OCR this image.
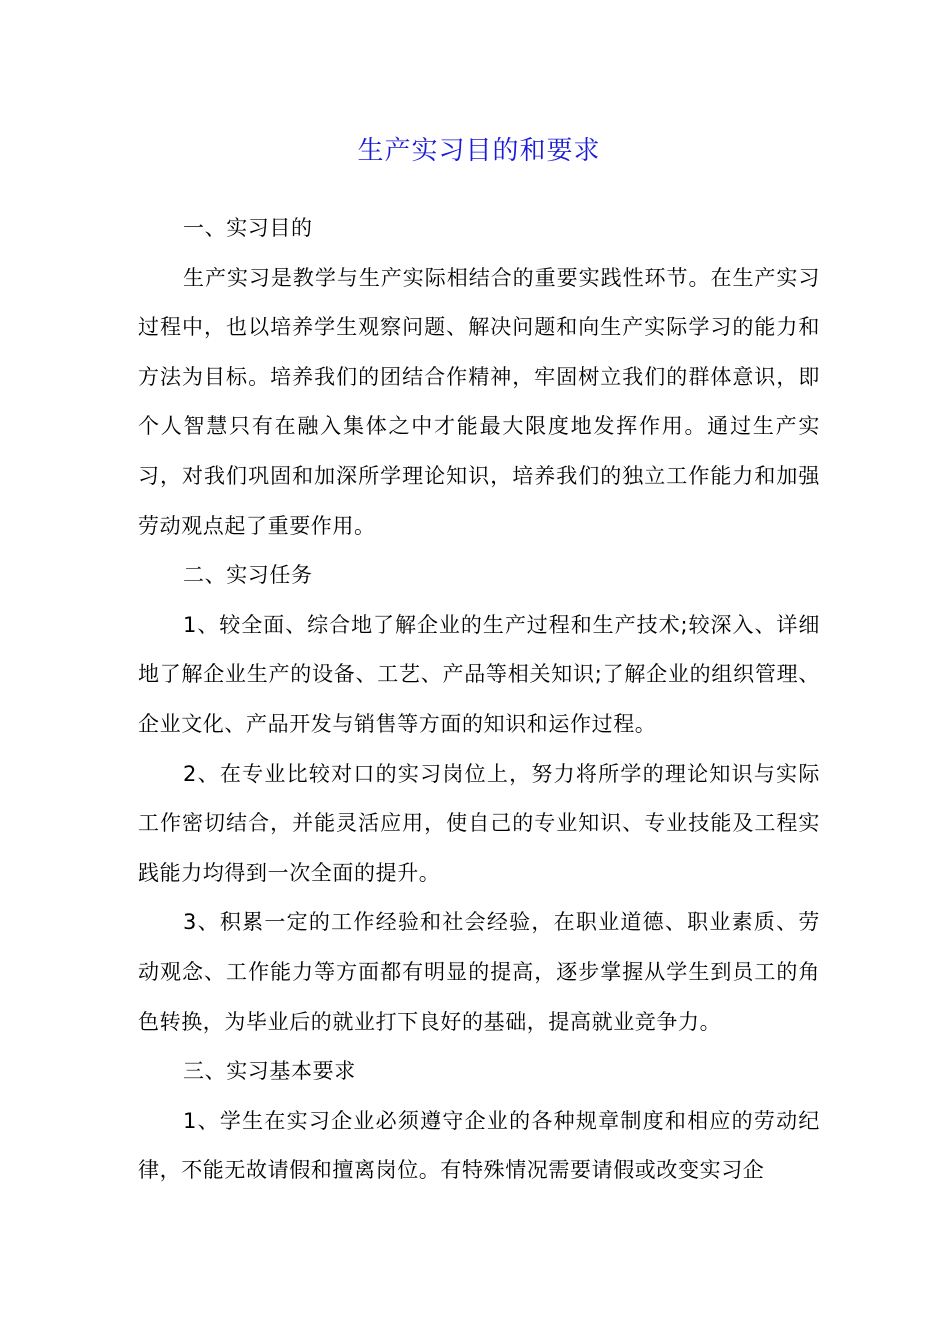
生产实习目的和要求

一、实习目的

生产实习是教学与生产实际相结合的重要实践性环节。在生产实习过程中，也以培养学生观察问题、解决问题和向生产实际学习的能力和方法为目标。培养我们的团结合作精神，牢固树立我们的群体意识，即个人智慧只有在融入集体之中才能最大限度地发挥作用。通过生产实习，对我们巩固和加深所学理论知识，培养我们的独立工作能力和加强劳动观点起了重要作用。

二、实习任务

1、较全面、综合地了解企业的生产过程和生产技术;较深入、详细地了解企业生产的设备、工艺、产品等相关知识;了解企业的组织管理、企业文化、产品开发与销售等方面的知识和运作过程。

2、在专业比较对口的实习岗位上，努力将所学的理论知识与实际工作密切结合，并能灵活应用，使自己的专业知识、专业技能及工程实践能力均得到一次全面的提升。

3、积累一定的工作经验和社会经验，在职业道德、职业素质、劳动观念、工作能力等方面都有明显的提高，逐步掌握从学生到员工的角色转换，为毕业后的就业打下良好的基础，提高就业竞争力。

三、实习基本要求

1、学生在实习企业必须遵守企业的各种规章制度和相应的劳动纪律，不能无故请假和擅离岗位。有特殊情况需要请假或改变实习企
